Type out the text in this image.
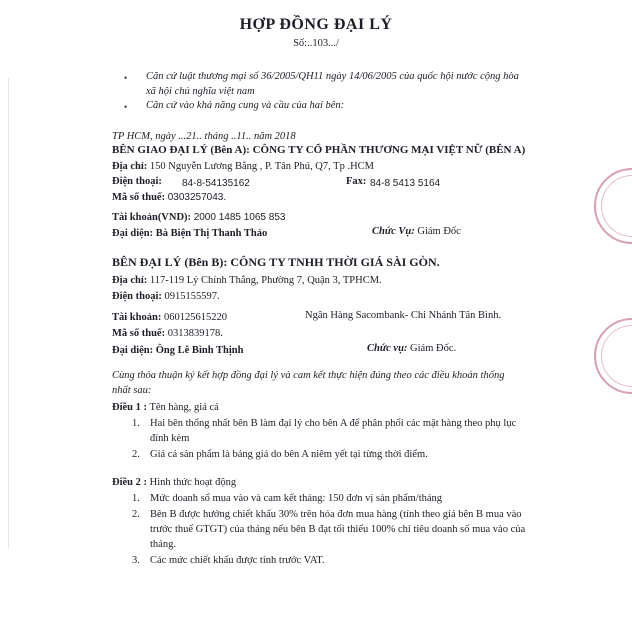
HỢP ĐỒNG ĐẠI LÝ
Số:..103.../
• Căn cứ luật thương mại số 36/2005/QH11 ngày 14/06/2005 của quốc hội nước cộng hòa
xã hội chủ nghĩa việt nam
• Căn cứ vào khả năng cung và cầu của hai bên:
TP HCM, ngày ...21.. tháng ..11.. năm 2018
BÊN GIAO ĐẠI LÝ (Bên A): CÔNG TY CỔ PHẦN THƯƠNG MẠI VIỆT NỮ (BÊN A)
Địa chỉ: 150 Nguyễn Lương Bằng , P. Tân Phú, Q7, Tp .HCM
Điện thoại: 84-8-54135162	Fax: 84-8 5413 5164
Mã số thuế: 0303257043.
Tài khoản(VND): 2000 1485 1065 853
Đại diện: Bà Biện Thị Thanh Thảo	Chức Vụ: Giám Đốc
BÊN ĐẠI LÝ (Bên B): CÔNG TY TNHH THỜI GIÁ SÀI GÒN.
Địa chỉ: 117-119 Lý Chính Thắng, Phường 7, Quận 3, TPHCM.
Điện thoại: 0915155597.
Tài khoản: 060125615220	Ngân Hàng Sacombank- Chi Nhánh Tân Bình.
Mã số thuế: 0313839178.
Đại diện: Ông Lê Bình Thịnh	Chức vụ: Giám Đốc.
Cùng thỏa thuận ký kết hợp đồng đại lý và cam kết thực hiện đúng theo các điều khoản thống
nhất sau:
Điều 1 : Tên hàng, giá cả
1. Hai bên thống nhất bên B làm đại lý cho bên A để phân phối các mặt hàng theo phụ lục
đính kèm
2. Giá cả sản phẩm là bảng giá do bên A niêm yết tại từng thời điểm.
Điều 2 : Hình thức hoạt động
1. Mức doanh số mua vào và cam kết tháng: 150 đơn vị sản phẩm/tháng
2. Bên B được hưởng chiết khấu 30% trên hóa đơn mua hàng (tính theo giá bên B mua vào
trước thuế GTGT) của tháng nếu bên B đạt tối thiểu 100% chỉ tiêu doanh số mua vào của
tháng.
3. Các mức chiết khấu được tính trước VAT.
